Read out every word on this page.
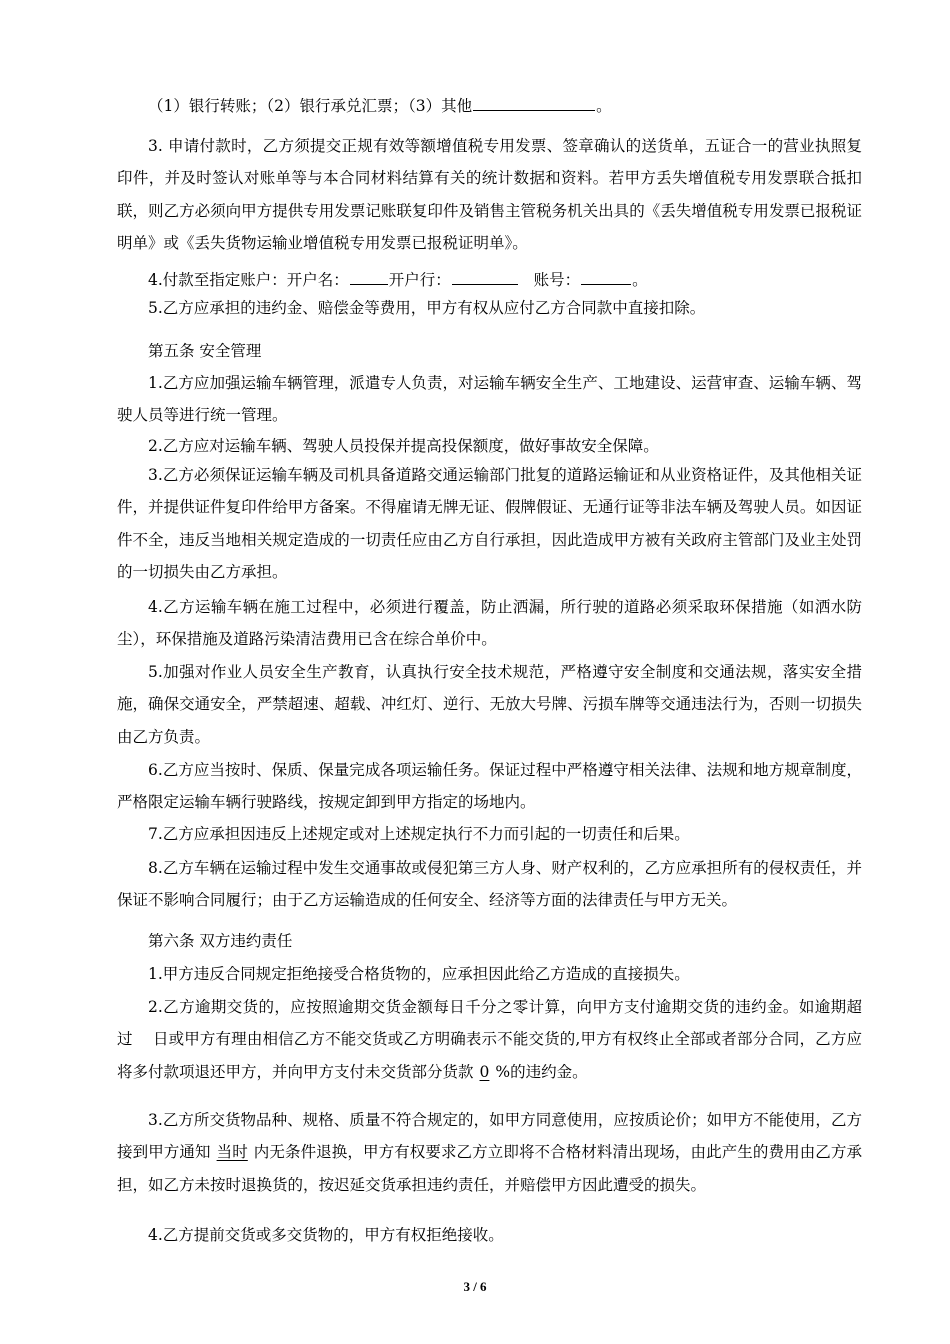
（1）银行转账；（2）银行承兑汇票；（3）其他	。

3. 申请付款时，乙方须提交正规有效等额增值税专用发票、签章确认的送货单，五证合一的营业执照复印件，并及时签认对账单等与本合同材料结算有关的统计数据和资料。若甲方丢失增值税专用发票联合抵扣联，则乙方必须向甲方提供专用发票记账联复印件及销售主管税务机关出具的《丢失增值税专用发票已报税证明单》或《丢失货物运输业增值税专用发票已报税证明单》。

4.付款至指定账户：开户名：	开户行：	账号：	。

5.乙方应承担的违约金、赔偿金等费用，甲方有权从应付乙方合同款中直接扣除。

第五条 安全管理

1.乙方应加强运输车辆管理，派遣专人负责，对运输车辆安全生产、工地建设、运营审查、运输车辆、驾驶人员等进行统一管理。

2.乙方应对运输车辆、驾驶人员投保并提高投保额度，做好事故安全保障。

3.乙方必须保证运输车辆及司机具备道路交通运输部门批复的道路运输证和从业资格证件，及其他相关证件，并提供证件复印件给甲方备案。不得雇请无牌无证、假牌假证、无通行证等非法车辆及驾驶人员。如因证件不全，违反当地相关规定造成的一切责任应由乙方自行承担，因此造成甲方被有关政府主管部门及业主处罚的一切损失由乙方承担。

4.乙方运输车辆在施工过程中，必须进行覆盖，防止洒漏，所行驶的道路必须采取环保措施（如洒水防尘），环保措施及道路污染清洁费用已含在综合单价中。

5.加强对作业人员安全生产教育，认真执行安全技术规范，严格遵守安全制度和交通法规，落实安全措施，确保交通安全，严禁超速、超载、冲红灯、逆行、无放大号牌、污损车牌等交通违法行为，否则一切损失由乙方负责。

6.乙方应当按时、保质、保量完成各项运输任务。保证过程中严格遵守相关法律、法规和地方规章制度，严格限定运输车辆行驶路线，按规定卸到甲方指定的场地内。

7.乙方应承担因违反上述规定或对上述规定执行不力而引起的一切责任和后果。

8.乙方车辆在运输过程中发生交通事故或侵犯第三方人身、财产权利的，乙方应承担所有的侵权责任，并保证不影响合同履行；由于乙方运输造成的任何安全、经济等方面的法律责任与甲方无关。

第六条 双方违约责任

1.甲方违反合同规定拒绝接受合格货物的，应承担因此给乙方造成的直接损失。

2.乙方逾期交货的，应按照逾期交货金额每日千分之零计算，向甲方支付逾期交货的违约金。如逾期超过 日或甲方有理由相信乙方不能交货或乙方明确表示不能交货的,甲方有权终止全部或者部分合同，乙方应将多付款项退还甲方，并向甲方支付未交货部分货款 0 %的违约金。

3.乙方所交货物品种、规格、质量不符合规定的，如甲方同意使用，应按质论价；如甲方不能使用，乙方接到甲方通知 当时 内无条件退换，甲方有权要求乙方立即将不合格材料清出现场，由此产生的费用由乙方承担，如乙方未按时退换货的，按迟延交货承担违约责任，并赔偿甲方因此遭受的损失。

4.乙方提前交货或多交货物的，甲方有权拒绝接收。

3 / 6
